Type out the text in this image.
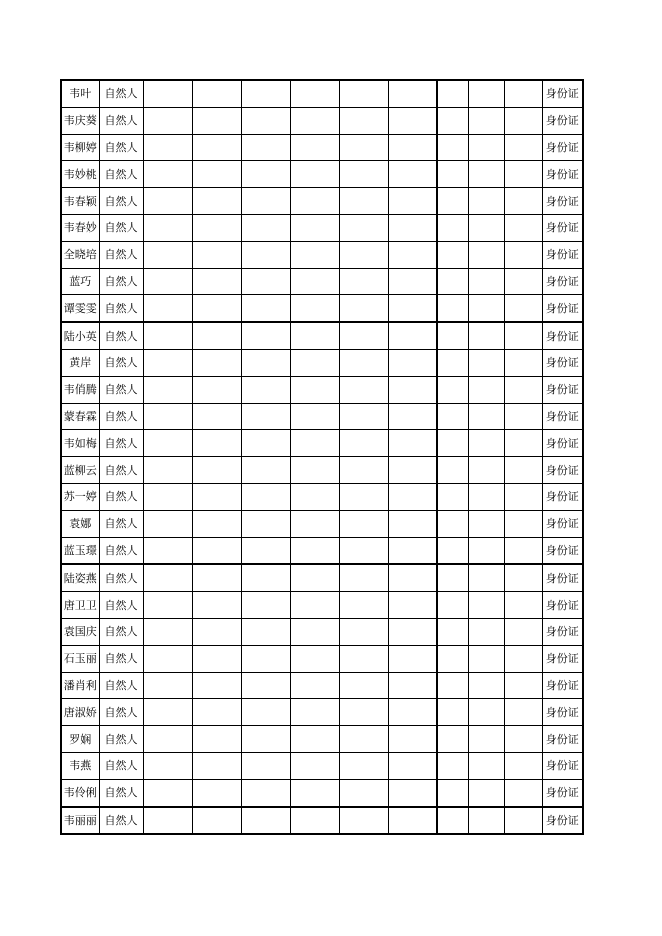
韦叶	自然人										身份证
韦庆葵	自然人										身份证
韦柳婷	自然人										身份证
韦妙桃	自然人										身份证
韦春颖	自然人										身份证
韦春妙	自然人										身份证
全晓培	自然人										身份证
蓝巧	自然人										身份证
谭雯雯	自然人										身份证
陆小英	自然人										身份证
黄岸	自然人										身份证
韦俏腾	自然人										身份证
蒙春霖	自然人										身份证
韦如梅	自然人										身份证
蓝柳云	自然人										身份证
苏一婷	自然人										身份证
袁娜	自然人										身份证
蓝玉璟	自然人										身份证
陆姿燕	自然人										身份证
唐卫卫	自然人										身份证
袁国庆	自然人										身份证
石玉丽	自然人										身份证
潘肖利	自然人										身份证
唐淑娇	自然人										身份证
罗娴	自然人										身份证
韦燕	自然人										身份证
韦伶俐	自然人										身份证
韦丽丽	自然人										身份证
